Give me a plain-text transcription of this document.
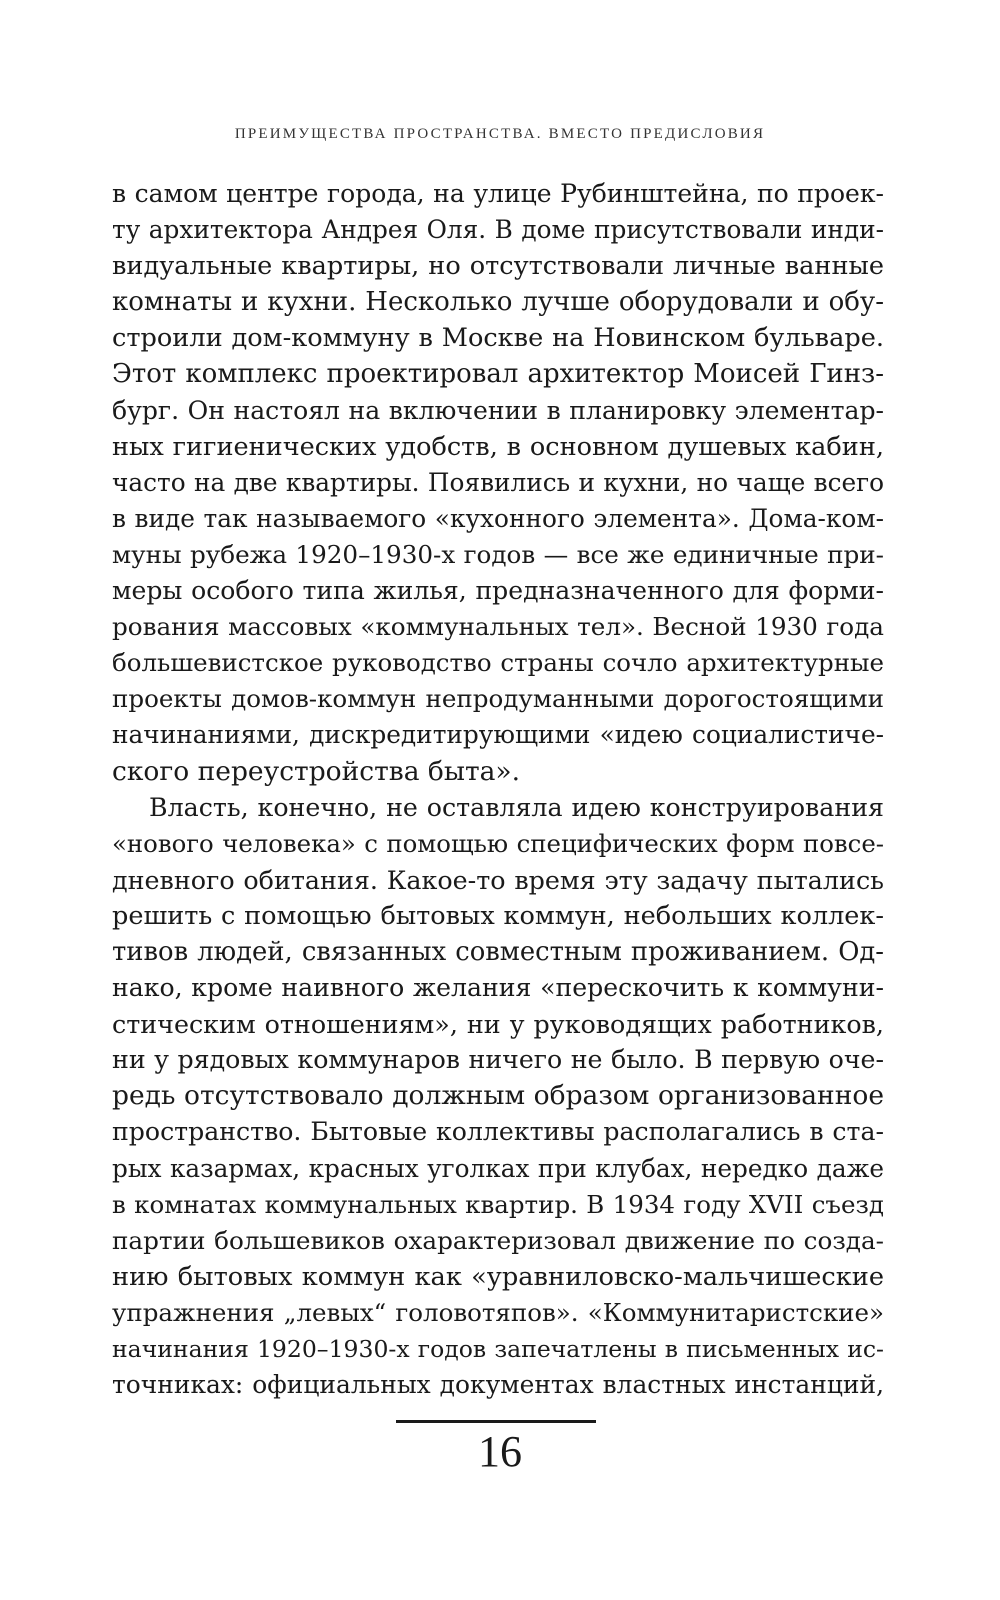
ПРЕИМУЩЕСТВА ПРОСТРАНСТВА. ВМЕСТО ПРЕДИСЛОВИЯ
в самом центре города, на улице Рубинштейна, по проек-
ту архитектора Андрея Оля. В доме присутствовали инди-
видуальные квартиры, но отсутствовали личные ванные
комнаты и кухни. Несколько лучше оборудовали и обу-
строили дом-коммуну в Москве на Новинском бульваре.
Этот комплекс проектировал архитектор Моисей Гинз-
бург. Он настоял на включении в планировку элементар-
ных гигиенических удобств, в основном душевых кабин,
часто на две квартиры. Появились и кухни, но чаще всего
в виде так называемого «кухонного элемента». Дома-ком-
муны рубежа 1920–1930-х годов — все же единичные при-
меры особого типа жилья, предназначенного для форми-
рования массовых «коммунальных тел». Весной 1930 года
большевистское руководство страны сочло архитектурные
проекты домов-коммун непродуманными дорогостоящими
начинаниями, дискредитирующими «идею социалистиче-
ского переустройства быта».
Власть, конечно, не оставляла идею конструирования
«нового человека» с помощью специфических форм повсе-
дневного обитания. Какое-то время эту задачу пытались
решить с помощью бытовых коммун, небольших коллек-
тивов людей, связанных совместным проживанием. Од-
нако, кроме наивного желания «перескочить к коммуни-
стическим отношениям», ни у руководящих работников,
ни у рядовых коммунаров ничего не было. В первую оче-
редь отсутствовало должным образом организованное
пространство. Бытовые коллективы располагались в ста-
рых казармах, красных уголках при клубах, нередко даже
в комнатах коммунальных квартир. В 1934 году XVII съезд
партии большевиков охарактеризовал движение по созда-
нию бытовых коммун как «уравниловско-мальчишеские
упражнения „левых“ головотяпов». «Коммунитаристские»
начинания 1920–1930-х годов запечатлены в письменных ис-
точниках: официальных документах властных инстанций,
16
